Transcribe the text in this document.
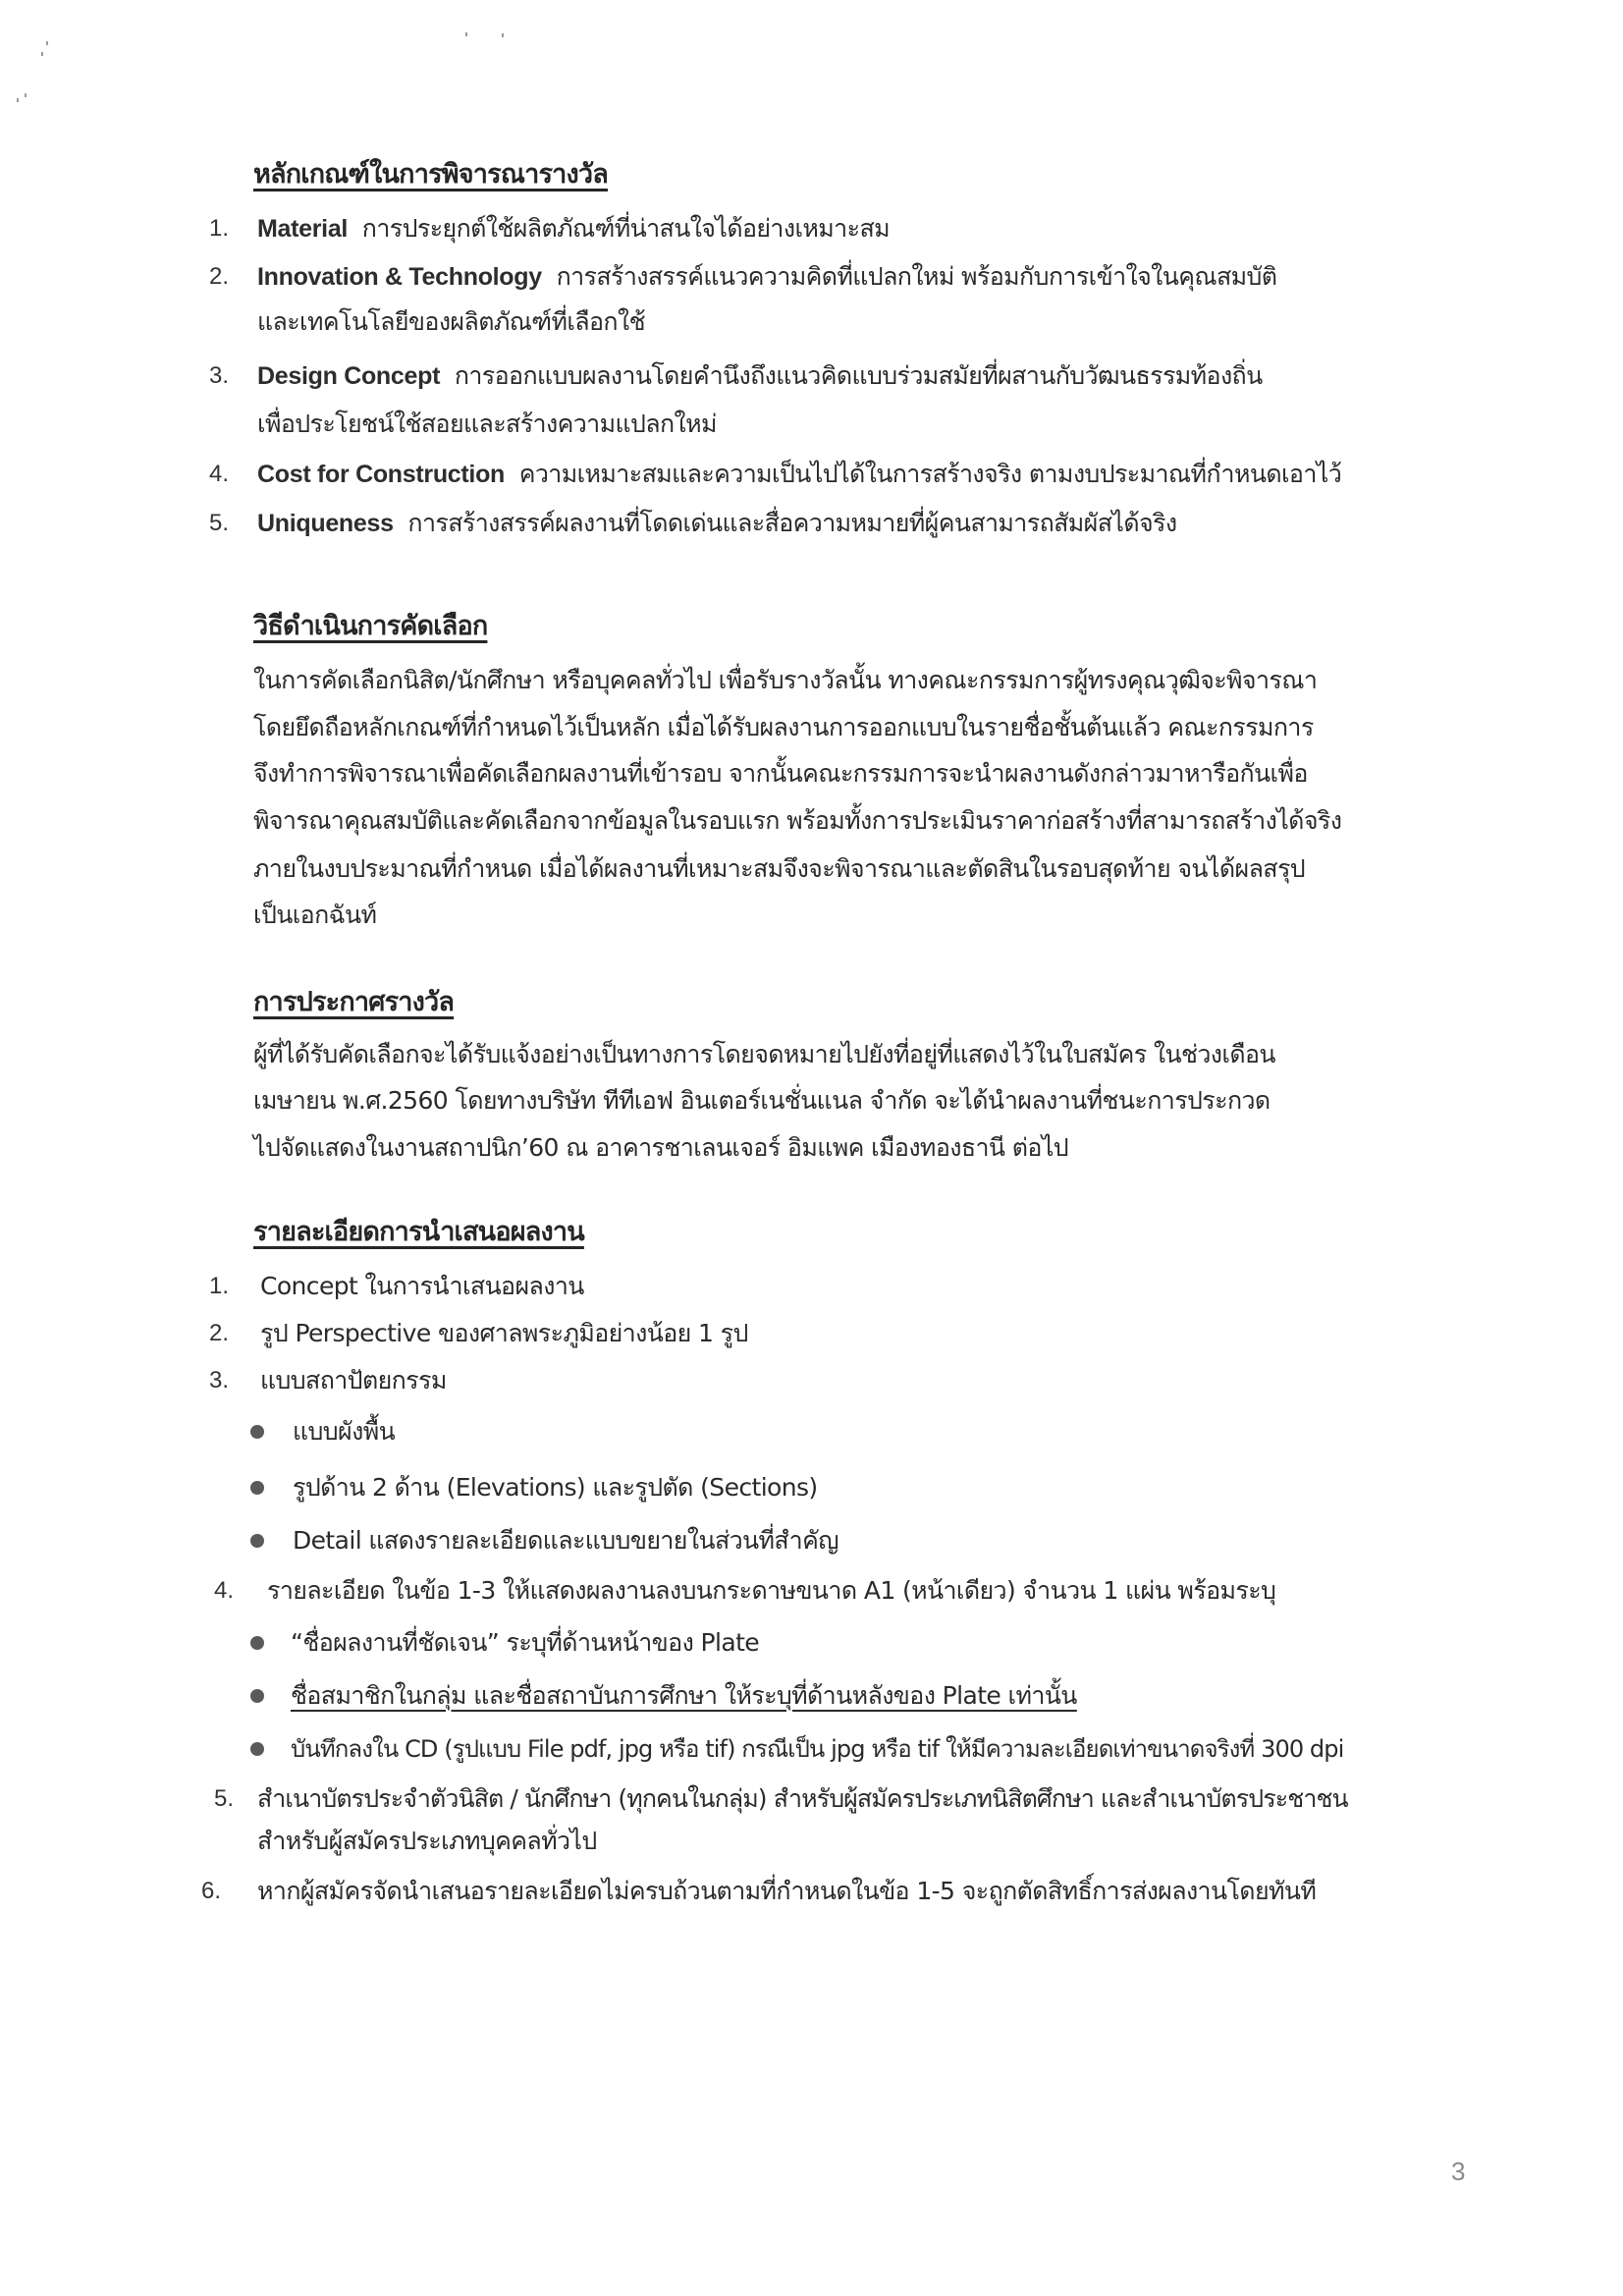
หลักเกณฑ์ในการพิจารณารางวัล
1. Material การประยุกต์ใช้ผลิตภัณฑ์ที่น่าสนใจได้อย่างเหมาะสม
2. Innovation & Technology การสร้างสรรค์แนวความคิดที่แปลกใหม่ พร้อมกับการเข้าใจในคุณสมบัติ
และเทคโนโลยีของผลิตภัณฑ์ที่เลือกใช้
3. Design Concept การออกแบบผลงานโดยคำนึงถึงแนวคิดแบบร่วมสมัยที่ผสานกับวัฒนธรรมท้องถิ่น
เพื่อประโยชน์ใช้สอยและสร้างความแปลกใหม่
4. Cost for Construction ความเหมาะสมและความเป็นไปได้ในการสร้างจริง ตามงบประมาณที่กำหนดเอาไว้
5. Uniqueness การสร้างสรรค์ผลงานที่โดดเด่นและสื่อความหมายที่ผู้คนสามารถสัมผัสได้จริง
วิธีดำเนินการคัดเลือก
ในการคัดเลือกนิสิต/นักศึกษา หรือบุคคลทั่วไป เพื่อรับรางวัลนั้น ทางคณะกรรมการผู้ทรงคุณวุฒิจะพิจารณา
โดยยึดถือหลักเกณฑ์ที่กำหนดไว้เป็นหลัก เมื่อได้รับผลงานการออกแบบในรายชื่อชั้นต้นแล้ว คณะกรรมการ
จึงทำการพิจารณาเพื่อคัดเลือกผลงานที่เข้ารอบ จากนั้นคณะกรรมการจะนำผลงานดังกล่าวมาหารือกันเพื่อ
พิจารณาคุณสมบัติและคัดเลือกจากข้อมูลในรอบแรก พร้อมทั้งการประเมินราคาก่อสร้างที่สามารถสร้างได้จริง
ภายในงบประมาณที่กำหนด เมื่อได้ผลงานที่เหมาะสมจึงจะพิจารณาและตัดสินในรอบสุดท้าย จนได้ผลสรุป
เป็นเอกฉันท์
การประกาศรางวัล
ผู้ที่ได้รับคัดเลือกจะได้รับแจ้งอย่างเป็นทางการโดยจดหมายไปยังที่อยู่ที่แสดงไว้ในใบสมัคร ในช่วงเดือน
เมษายน พ.ศ.2560 โดยทางบริษัท ทีทีเอฟ อินเตอร์เนชั่นแนล จำกัด จะได้นำผลงานที่ชนะการประกวด
ไปจัดแสดงในงานสถาปนิก’60 ณ อาคารชาเลนเจอร์ อิมแพค เมืองทองธานี ต่อไป
รายละเอียดการนำเสนอผลงาน
1. Concept ในการนำเสนอผลงาน
2. รูป Perspective ของศาลพระภูมิอย่างน้อย 1 รูป
3. แบบสถาปัตยกรรม
แบบผังพื้น
รูปด้าน 2 ด้าน (Elevations) และรูปตัด (Sections)
Detail แสดงรายละเอียดและแบบขยายในส่วนที่สำคัญ
4. รายละเอียด ในข้อ 1-3 ให้แสดงผลงานลงบนกระดาษขนาด A1 (หน้าเดียว) จำนวน 1 แผ่น พร้อมระบุ
“ชื่อผลงานที่ชัดเจน” ระบุที่ด้านหน้าของ Plate
ชื่อสมาชิกในกลุ่ม และชื่อสถาบันการศึกษา ให้ระบุที่ด้านหลังของ Plate เท่านั้น
บันทึกลงใน CD (รูปแบบ File pdf, jpg หรือ tif) กรณีเป็น jpg หรือ tif ให้มีความละเอียดเท่าขนาดจริงที่ 300 dpi
5. สำเนาบัตรประจำตัวนิสิต / นักศึกษา (ทุกคนในกลุ่ม) สำหรับผู้สมัครประเภทนิสิตศึกษา และสำเนาบัตรประชาชน
สำหรับผู้สมัครประเภทบุคคลทั่วไป
6. หากผู้สมัครจัดนำเสนอรายละเอียดไม่ครบถ้วนตามที่กำหนดในข้อ 1-5 จะถูกตัดสิทธิ์การส่งผลงานโดยทันที
3
